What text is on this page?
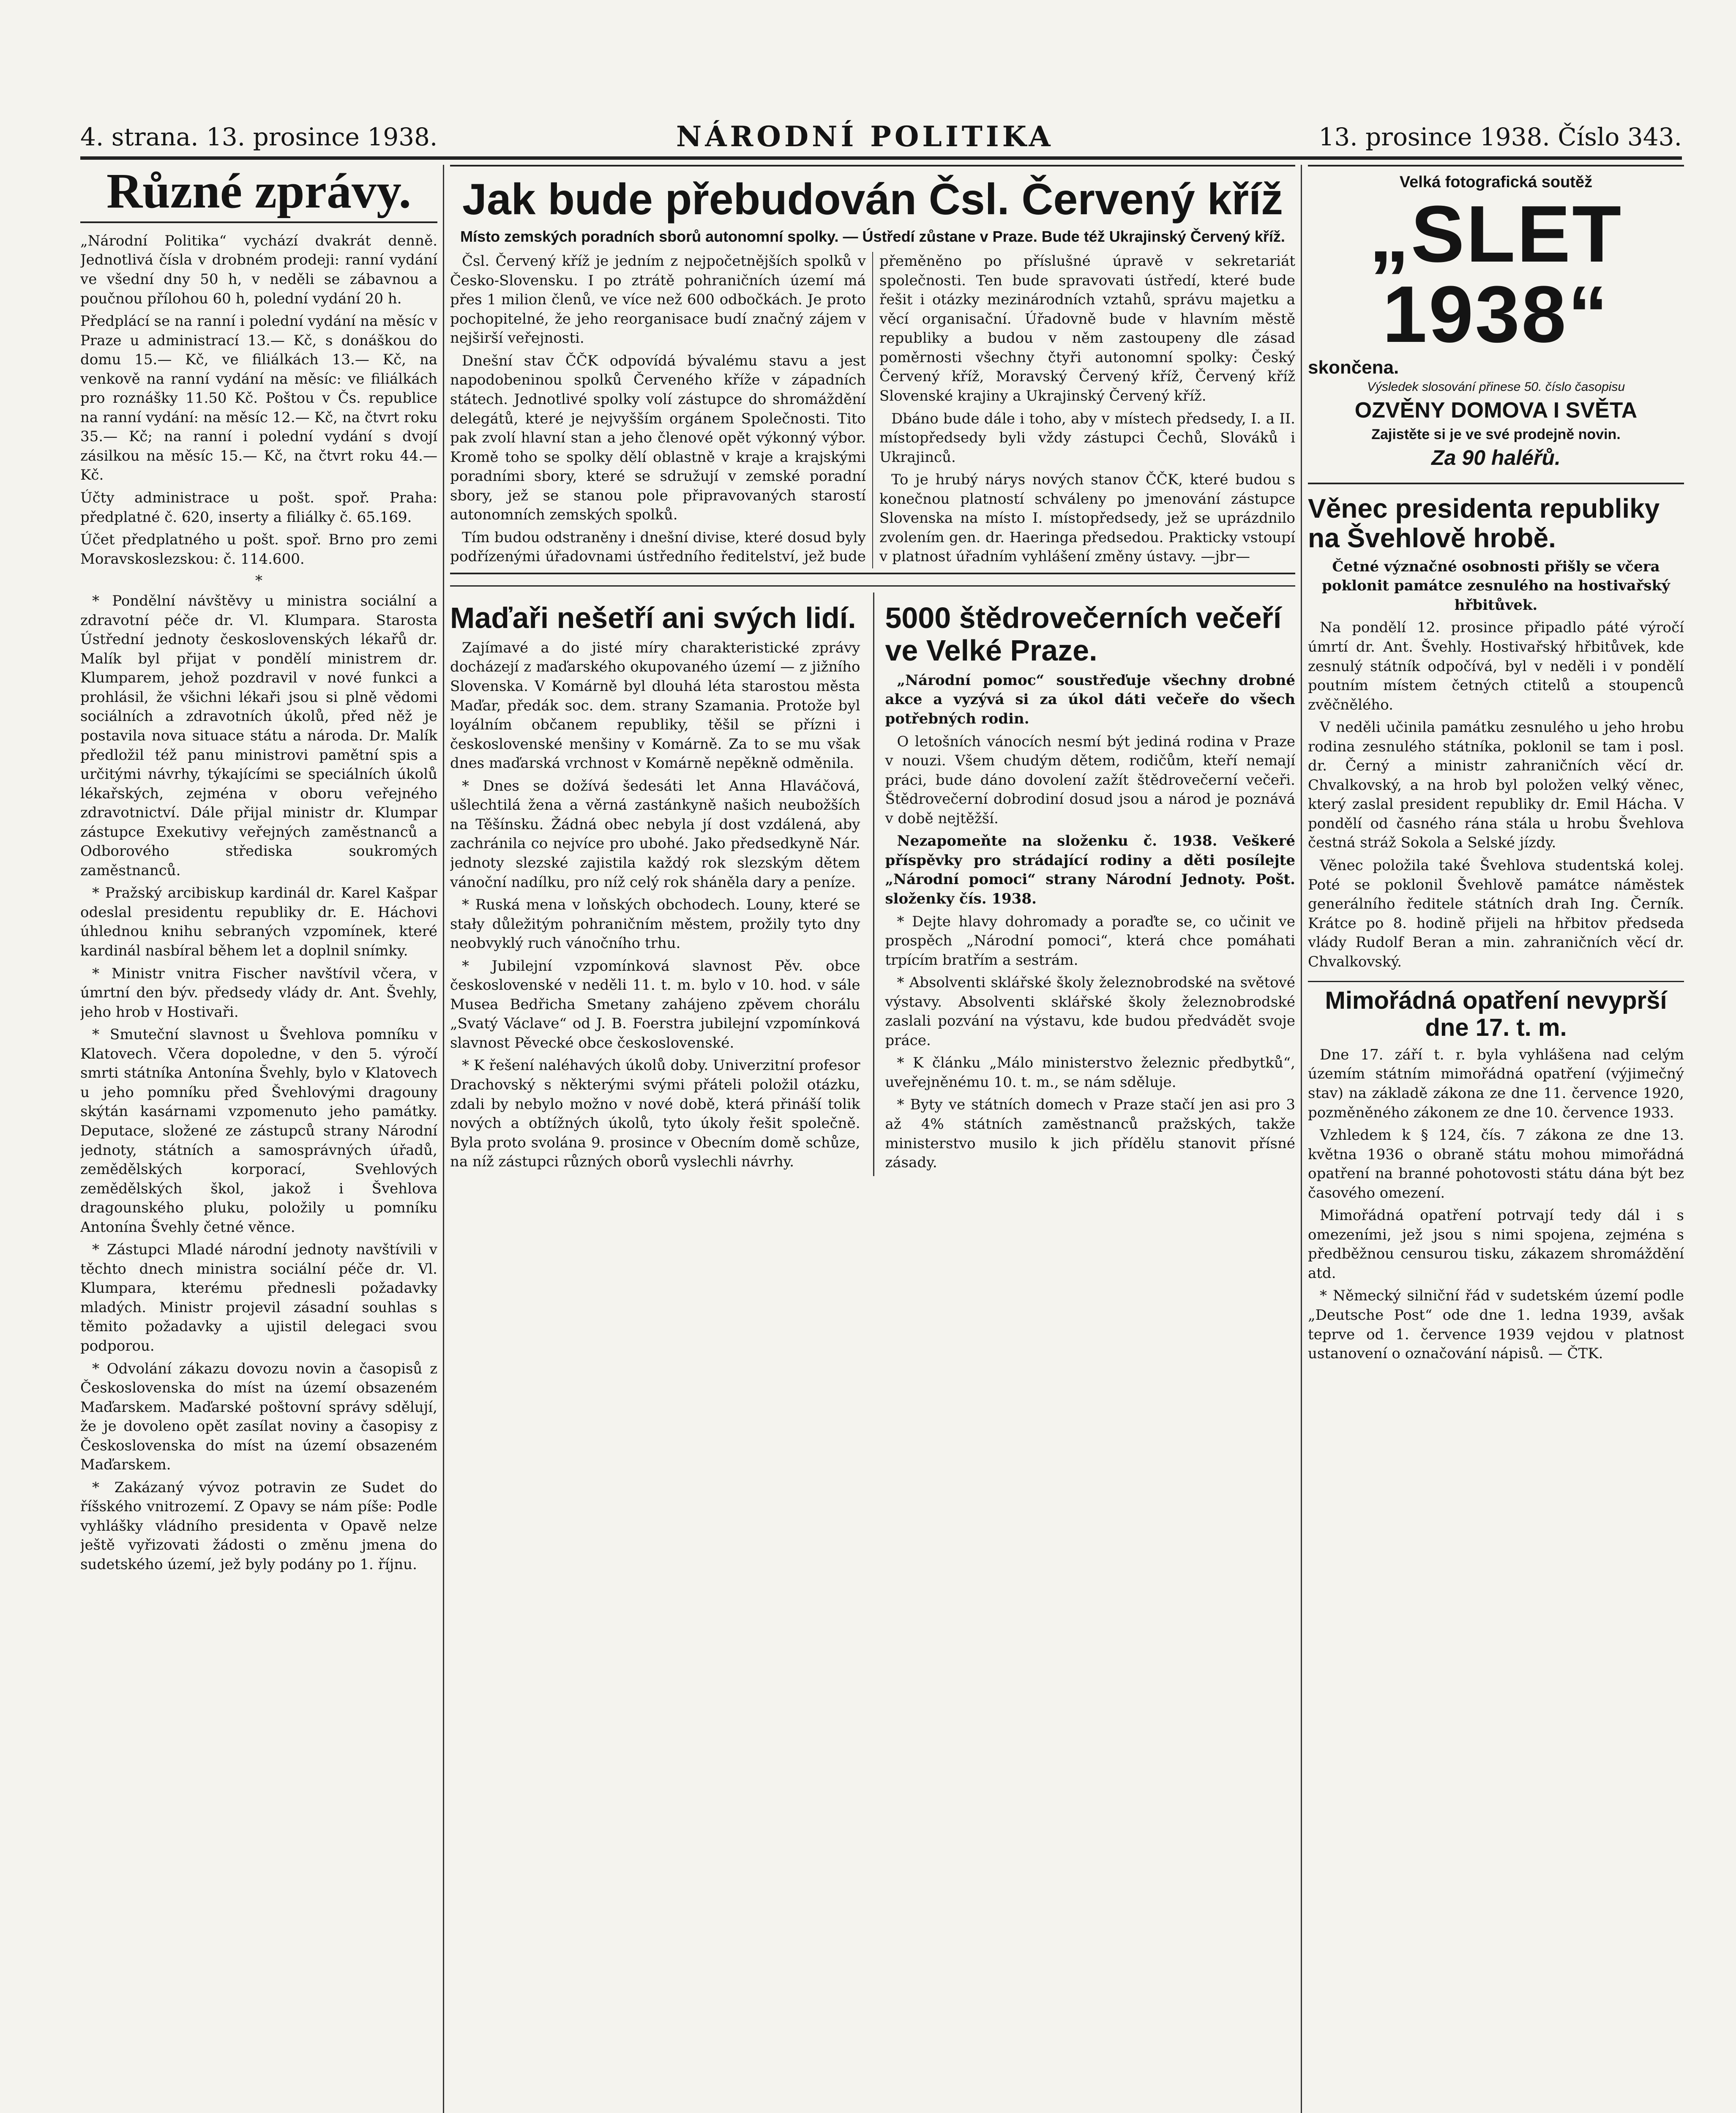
4. strana. 13. prosince 1938.	NÁRODNÍ POLITIKA	13. prosince 1938. Číslo 343.
Různé zprávy.

„Národní Politika“ vychází dvakrát denně. Jednotlivá čísla v drobném prodeji: ranní vydání ve všední dny 50 h, v neděli se zábavnou a poučnou přílohou 60 h, polední vydání 20 h.

Předplácí se na ranní i polední vydání na měsíc v Praze u administrací 13.— Kč, s donáškou do domu 15.— Kč, ve filiálkách 13.— Kč, na venkově na ranní vydání na měsíc: ve filiálkách pro roznášky 11.50 Kč. Poštou v Čs. republice na ranní vydání: na měsíc 12.— Kč, na čtvrt roku 35.— Kč; na ranní i polední vydání s dvojí zásilkou na měsíc 15.— Kč, na čtvrt roku 44.— Kč.

Účty administrace u pošt. spoř. Praha: předplatné č. 620, inserty a filiálky č. 65.169.

Účet předplatného u pošt. spoř. Brno pro zemi Moravskoslezskou: č. 114.600.

*

* Pondělní návštěvy u ministra sociální a zdravotní péče dr. Vl. Klumpara. Starosta Ústřední jednoty československých lékařů dr. Malík byl přijat v pondělí ministrem dr. Klumparem, jehož pozdravil v nové funkci a prohlásil, že všichni lékaři jsou si plně vědomi sociálních a zdravotních úkolů, před něž je postavila nova situace státu a národa. Dr. Malík předložil též panu ministrovi pamětní spis a určitými návrhy, týkajícími se speciálních úkolů lékařských, zejména v oboru veřejného zdravotnictví. Dále přijal ministr dr. Klumpar zástupce Exekutivy veřejných zaměstnanců a Odborového střediska soukromých zaměstnanců.

* Pražský arcibiskup kardinál dr. Karel Kašpar odeslal presidentu republiky dr. E. Háchovi úhlednou knihu sebraných vzpomínek, které kardinál nasbíral během let a doplnil snímky.

* Ministr vnitra Fischer navštívil včera, v úmrtní den býv. předsedy vlády dr. Ant. Švehly, jeho hrob v Hostivaři.

* Smuteční slavnost u Švehlova pomníku v Klatovech. Včera dopoledne, v den 5. výročí smrti státníka Antonína Švehly, bylo v Klatovech u jeho pomníku před Švehlovými dragouny skýtán kasárnami vzpomenuto jeho památky. Deputace, složené ze zástupců strany Národní jednoty, státních a samosprávných úřadů, zemědělských korporací, Svehlových zemědělských škol, jakož i Švehlova dragounského pluku, položily u pomníku Antonína Švehly četné věnce.

* Zástupci Mladé národní jednoty navštívili v těchto dnech ministra sociální péče dr. Vl. Klumpara, kterému přednesli požadavky mladých. Ministr projevil zásadní souhlas s těmito požadavky a ujistil delegaci svou podporou.

* Odvolání zákazu dovozu novin a časopisů z Československa do míst na území obsazeném Maďarskem. Maďarské poštovní správy sdělují, že je dovoleno opět zasílat noviny a časopisy z Československa do míst na území obsazeném Maďarskem.

* Zakázaný vývoz potravin ze Sudet do říšského vnitrozemí. Z Opavy se nám píše: Podle vyhlášky vládního presidenta v Opavě nelze ještě vyřizovati žádosti o změnu jmena do sudetského území, jež byly podány po 1. říjnu.

Jak bude přebudován Čsl. Červený kříž
Místo zemských poradních sborů autonomní spolky. — Ústředí zůstane v Praze. Bude též Ukrajinský Červený kříž.

Čsl. Červený kříž je jedním z nejpočetnějších spolků v Česko-Slovensku. I po ztrátě pohraničních území má přes 1 milion členů, ve více než 600 odbočkách. Je proto pochopitelné, že jeho reorganisace budí značný zájem v nejširší veřejnosti.

Dnešní stav ČČK odpovídá bývalému stavu a jest napodobeninou spolků Červeného kříže v západních státech. Jednotlivé spolky volí zástupce do shromáždění delegátů, které je nejvyšším orgánem Společnosti. Tito pak zvolí hlavní stan a jeho členové opět výkonný výbor. Kromě toho se spolky dělí oblastně v kraje a krajskými poradními sbory, které se sdružují v zemské poradní sbory, jež se stanou pole připravovaných starostí autonomních zemských spolků.

Tím budou odstraněny i dnešní divise, které dosud byly podřízenými úřadovnami ústředního ředitelství, jež bude přeměněno po příslušné úpravě v sekretariát společnosti. Ten bude spravovati ústředí, které bude řešit i otázky mezinárodních vztahů, správu majetku a věcí organisační. Úřadovně bude v hlavním městě republiky a budou v něm zastoupeny dle zásad poměrnosti všechny čtyři autonomní spolky: Český Červený kříž, Moravský Červený kříž, Červený kříž Slovenské krajiny a Ukrajinský Červený kříž.

Dbáno bude dále i toho, aby v místech předsedy, I. a II. místopředsedy byli vždy zástupci Čechů, Slováků i Ukrajinců.

To je hrubý nárys nových stanov ČČK, které budou s konečnou platností schváleny po jmenování zástupce Slovenska na místo I. místopředsedy, jež se uprázdnilo zvolením gen. dr. Haeringa předsedou. Prakticky vstoupí v platnost úřadním vyhlášení změny ústavy. —jbr—

Maďaři nešetří ani svých lidí.

Zajímavé a do jisté míry charakteristické zprávy docházejí z maďarského okupovaného území — z jižního Slovenska. V Komárně byl dlouhá léta starostou města Maďar, předák soc. dem. strany Szamania. Protože byl loyálním občanem republiky, těšil se přízni i československé menšiny v Komárně. Za to se mu však dnes maďarská vrchnost v Komárně nepěkně odměnila.

* Dnes se dožívá šedesáti let Anna Hlaváčová, ušlechtilá žena a věrná zastánkyně našich neubožších na Těšínsku. Žádná obec nebyla jí dost vzdálená, aby zachránila co nejvíce pro ubohé. Jako předsedkyně Nár. jednoty slezské zajistila každý rok slezským dětem vánoční nadílku, pro níž celý rok sháněla dary a peníze.

* Ruská mena v loňských obchodech. Louny, které se stały důležitým pohraničním městem, prožily tyto dny neobvyklý ruch vánočního trhu.

* Jubilejní vzpomínková slavnost Pěv. obce československé v neděli 11. t. m. bylo v 10. hod. v sále Musea Bedřicha Smetany zahájeno zpěvem chorálu „Svatý Václave“ od J. B. Foerstra jubilejní vzpomínková slavnost Pěvecké obce československé.

* K řešení naléhavých úkolů doby. Univerzitní profesor Drachovský s některými svými přáteli položil otázku, zdali by nebylo možno v nové době, která přináší tolik nových a obtížných úkolů, tyto úkoly řešit společně. Byla proto svolána 9. prosince v Obecním domě schůze, na níž zástupci různých oborů vyslechli návrhy.

5000 štědrovečerních večeří ve Velké Praze.

„Národní pomoc“ soustřeďuje všechny drobné akce a vyzývá si za úkol dáti večeře do všech potřebných rodin.

O letošních vánocích nesmí být jediná rodina v Praze v nouzi. Všem chudým dětem, rodičům, kteří nemají práci, bude dáno dovolení zažít štědrovečerní večeři. Štědrovečerní dobrodiní dosud jsou a národ je poznává v době nejtěžší.

Nezapomeňte na složenku č. 1938. Veškeré příspěvky pro strádající rodiny a děti posílejte „Národní pomoci“ strany Národní Jednoty. Pošt. složenky čís. 1938.

* Dejte hlavy dohromady a poraďte se, co učinit ve prospěch „Národní pomoci“, která chce pomáhati trpícím bratřím a sestrám.

* Absolventi sklářské školy železnobrodské na světové výstavy. Absolventi sklářské školy železnobrodské zaslali pozvání na výstavu, kde budou předvádět svoje práce.

* K článku „Málo ministerstvo železnic předbytků“, uveřejněnému 10. t. m., se nám sděluje.

* Byty ve státních domech v Praze stačí jen asi pro 3 až 4% státních zaměstnanců pražských, takže ministerstvo musilo k jich přídělu stanovit přísné zásady.

Velká fotografická soutěž
„SLET 1938“
skončena.
Výsledek slosování přinese 50. číslo časopisu
OZVĚNY DOMOVA I SVĚTA
Zajistěte si je ve své prodejně novin.
Za 90 haléřů.
Věnec presidenta republiky na Švehlově hrobě.

Četné význačné osobnosti přišly se včera poklonit památce zesnulého na hostivařský hřbitůvek.

Na pondělí 12. prosince připadlo páté výročí úmrtí dr. Ant. Švehly. Hostivařský hřbitůvek, kde zesnulý státník odpočívá, byl v neděli i v pondělí poutním místem četných ctitelů a stoupenců zvěčnělého.

V neděli učinila památku zesnulého u jeho hrobu rodina zesnulého státníka, poklonil se tam i posl. dr. Černý a ministr zahraničních věcí dr. Chvalkovský, a na hrob byl položen velký věnec, který zaslal president republiky dr. Emil Hácha. V pondělí od časného rána stála u hrobu Švehlova čestná stráž Sokola a Selské jízdy.

Věnec položila také Švehlova studentská kolej. Poté se poklonil Švehlově památce náměstek generálního ředitele státních drah Ing. Černík. Krátce po 8. hodině přijeli na hřbitov předseda vlády Rudolf Beran a min. zahraničních věcí dr. Chvalkovský.

Mimořádná opatření nevyprší dne 17. t. m.

Dne 17. září t. r. byla vyhlášena nad celým územím státním mimořádná opatření (výjimečný stav) na základě zákona ze dne 11. července 1920, pozměněného zákonem ze dne 10. července 1933.

Vzhledem k § 124, čís. 7 zákona ze dne 13. května 1936 o obraně státu mohou mimořádná opatření na branné pohotovosti státu dána být bez časového omezení.

Mimořádná opatření potrvají tedy dál i s omezeními, jež jsou s nimi spojena, zejména s předběžnou censurou tisku, zákazem shromáždění atd.

* Německý silniční řád v sudetském území podle „Deutsche Post“ ode dne 1. ledna 1939, avšak teprve od 1. července 1939 vejdou v platnost ustanovení o označování nápisů. — ČTK.
